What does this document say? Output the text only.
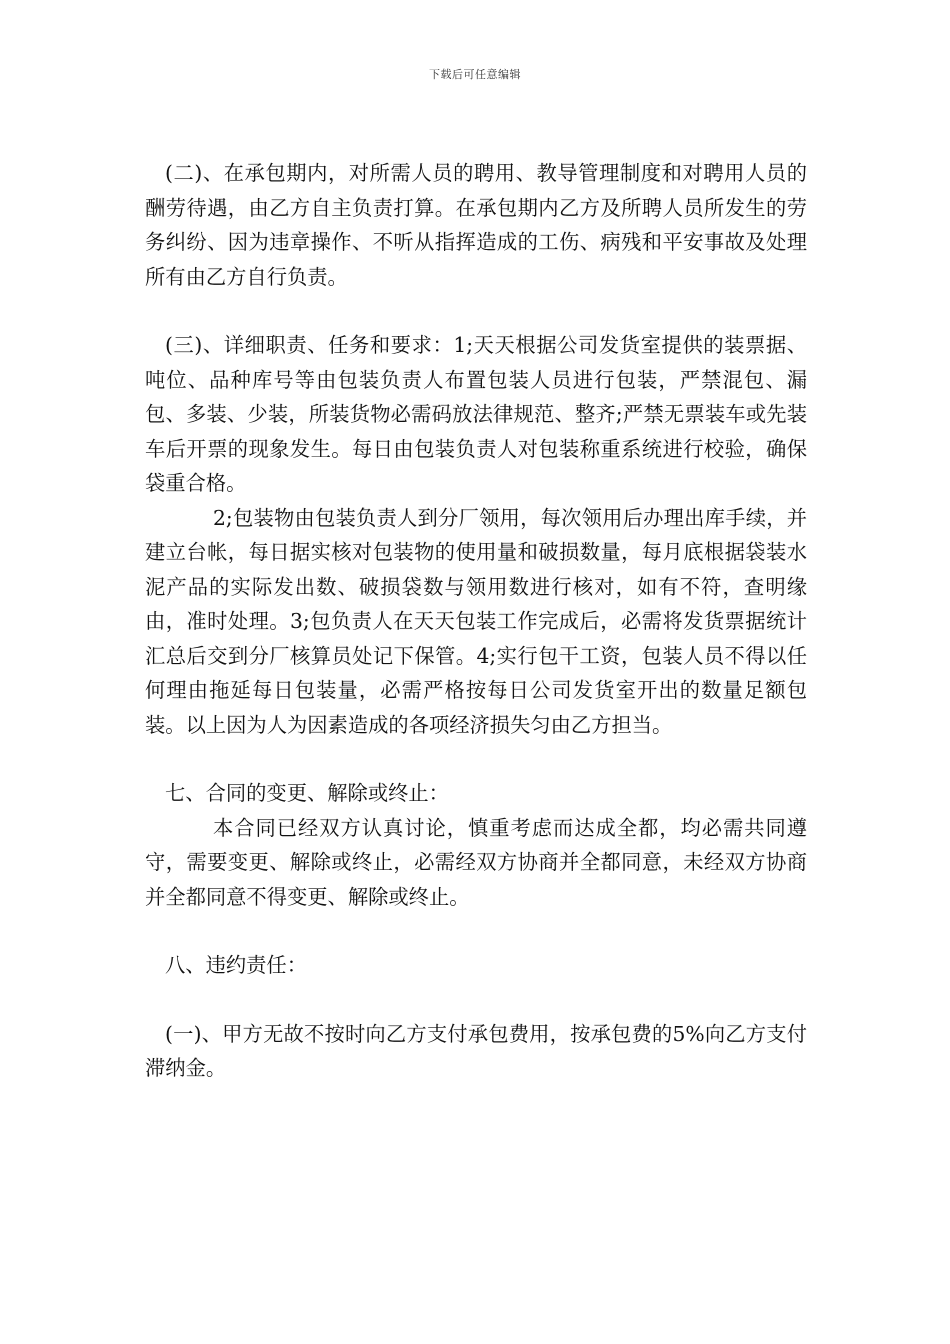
下载后可任意编辑

(二)、在承包期内，对所需人员的聘用、教导管理制度和对聘用人员的酬劳待遇，由乙方自主负责打算。在承包期内乙方及所聘人员所发生的劳务纠纷、因为违章操作、不听从指挥造成的工伤、病残和平安事故及处理所有由乙方自行负责。

(三)、详细职责、任务和要求：1;天天根据公司发货室提供的装票据、吨位、品种库号等由包装负责人布置包装人员进行包装，严禁混包、漏包、多装、少装，所装货物必需码放法律规范、整齐;严禁无票装车或先装车后开票的现象发生。每日由包装负责人对包装称重系统进行校验，确保袋重合格。

2;包装物由包装负责人到分厂领用，每次领用后办理出库手续，并建立台帐，每日据实核对包装物的使用量和破损数量，每月底根据袋装水泥产品的实际发出数、破损袋数与领用数进行核对，如有不符，查明缘由，准时处理。3;包负责人在天天包装工作完成后，必需将发货票据统计汇总后交到分厂核算员处记下保管。4;实行包干工资，包装人员不得以任何理由拖延每日包装量，必需严格按每日公司发货室开出的数量足额包装。以上因为人为因素造成的各项经济损失匀由乙方担当。

七、合同的变更、解除或终止：

本合同已经双方认真讨论，慎重考虑而达成全都，均必需共同遵守，需要变更、解除或终止，必需经双方协商并全都同意，未经双方协商并全都同意不得变更、解除或终止。

八、违约责任：

(一)、甲方无故不按时向乙方支付承包费用，按承包费的5%向乙方支付滞纳金。
